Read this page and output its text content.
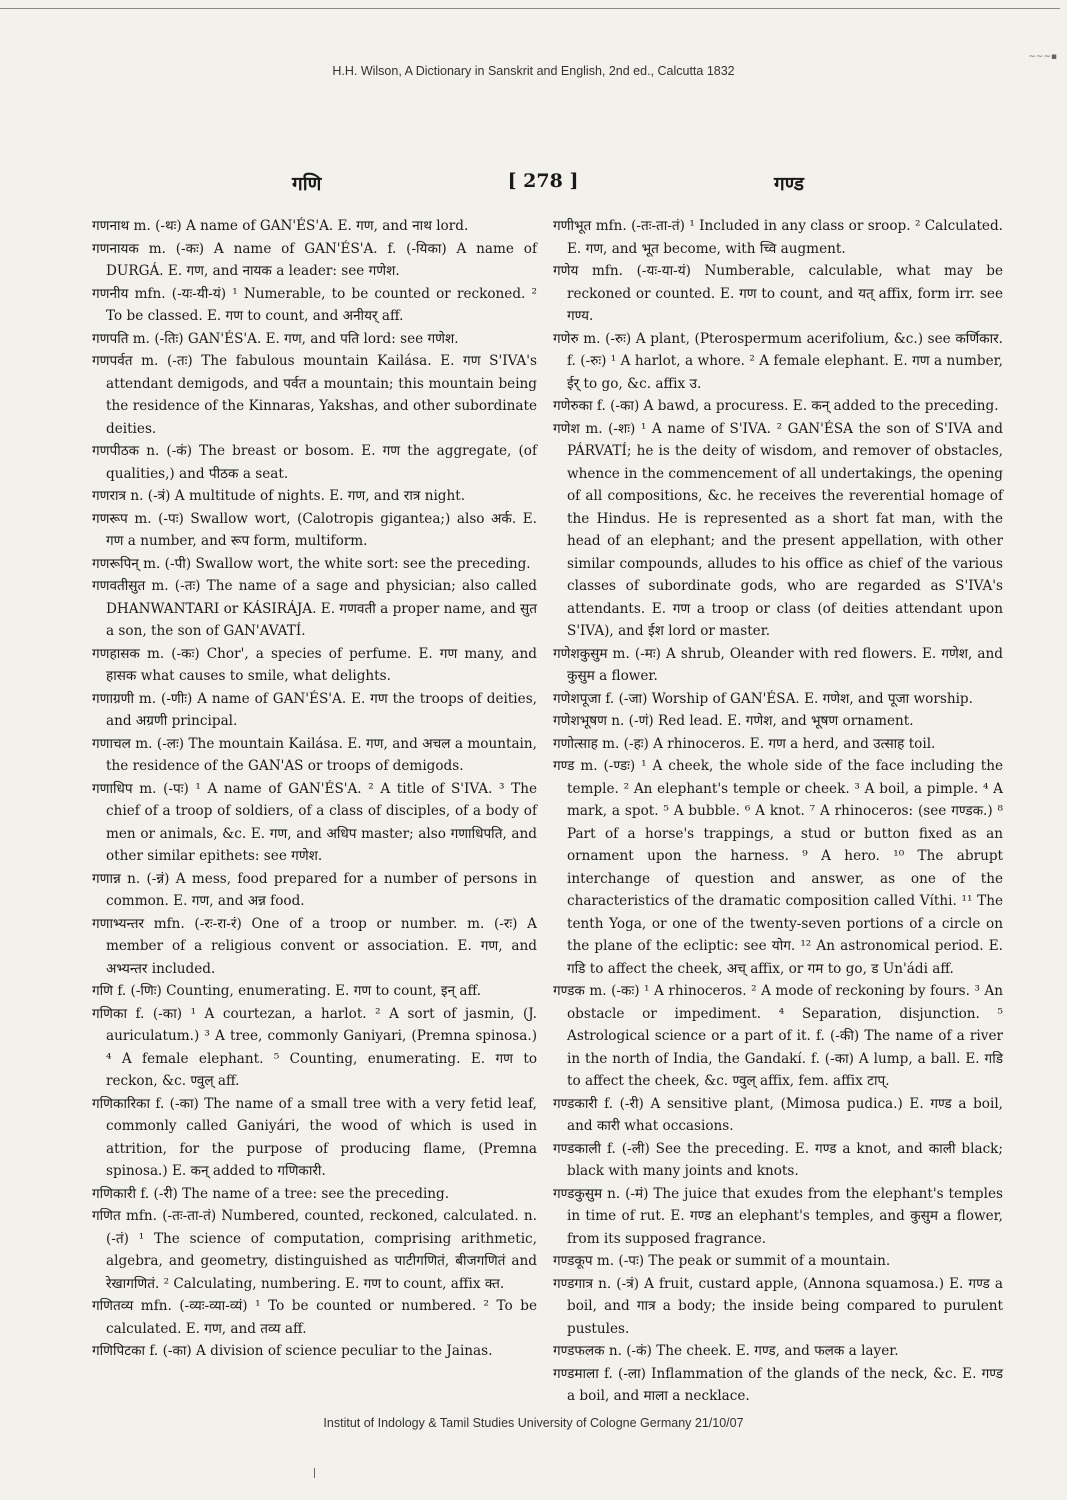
~~~▪
H.H. Wilson, A Dictionary in Sanskrit and English, 2nd ed., Calcutta 1832
गणि	[ 278 ]	गण्ड

गणनाथ m. (-थः) A name of GAN'ÉS'A. E. गण, and नाथ lord.

गणनायक m. (-कः) A name of GAN'ÉS'A. f. (-यिका) A name of DURGÁ. E. गण, and नायक a leader: see गणेश.

गणनीय mfn. (-यः-यी-यं) ¹ Numerable, to be counted or reckoned. ² To be classed. E. गण to count, and अनीयर् aff.

गणपति m. (-तिः) GAN'ÉS'A. E. गण, and पति lord: see गणेश.

गणपर्वत m. (-तः) The fabulous mountain Kailása. E. गण S'IVA's attendant demigods, and पर्वत a mountain; this mountain being the residence of the Kinnaras, Yakshas, and other subordinate deities.

गणपीठक n. (-कं) The breast or bosom. E. गण the aggregate, (of qualities,) and पीठक a seat.

गणरात्र n. (-त्रं) A multitude of nights. E. गण, and रात्र night.

गणरूप m. (-पः) Swallow wort, (Calotropis gigantea;) also अर्क. E. गण a number, and रूप form, multiform.

गणरूपिन् m. (-पी) Swallow wort, the white sort: see the preceding.

गणवतीसुत m. (-तः) The name of a sage and physician; also called DHANWANTARI or KÁSIRÁJA. E. गणवती a proper name, and सुत a son, the son of GAN'AVATÍ.

गणहासक m. (-कः) Chor', a species of perfume. E. गण many, and हासक what causes to smile, what delights.

गणाग्रणी m. (-णीः) A name of GAN'ÉS'A. E. गण the troops of deities, and अग्रणी principal.

गणाचल m. (-लः) The mountain Kailása. E. गण, and अचल a mountain, the residence of the GAN'AS or troops of demigods.

गणाधिप m. (-पः) ¹ A name of GAN'ÉS'A. ² A title of S'IVA. ³ The chief of a troop of soldiers, of a class of disciples, of a body of men or animals, &c. E. गण, and अधिप master; also गणाधिपति, and other similar epithets: see गणेश.

गणान्न n. (-न्नं) A mess, food prepared for a number of persons in common. E. गण, and अन्न food.

गणाभ्यन्तर mfn. (-रः-रा-रं) One of a troop or number. m. (-रः) A member of a religious convent or association. E. गण, and अभ्यन्तर included.

गणि f. (-णिः) Counting, enumerating. E. गण to count, इन् aff.

गणिका f. (-का) ¹ A courtezan, a harlot. ² A sort of jasmin, (J. auriculatum.) ³ A tree, commonly Ganiyari, (Premna spinosa.) ⁴ A female elephant. ⁵ Counting, enumerating. E. गण to reckon, &c. ण्वुल् aff.

गणिकारिका f. (-का) The name of a small tree with a very fetid leaf, commonly called Ganiyári, the wood of which is used in attrition, for the purpose of producing flame, (Premna spinosa.) E. कन् added to गणिकारी.

गणिकारी f. (-री) The name of a tree: see the preceding.

गणित mfn. (-तः-ता-तं) Numbered, counted, reckoned, calculated. n. (-तं) ¹ The science of computation, comprising arithmetic, algebra, and geometry, distinguished as पाटीगणितं, बीजगणितं and रेखागणितं. ² Calculating, numbering. E. गण to count, affix क्त.

गणितव्य mfn. (-व्यः-व्या-व्यं) ¹ To be counted or numbered. ² To be calculated. E. गण, and तव्य aff.

गणिपिटका f. (-का) A division of science peculiar to the Jainas.

गणीभूत mfn. (-तः-ता-तं) ¹ Included in any class or sroop. ² Calculated. E. गण, and भूत become, with च्वि augment.

गणेय mfn. (-यः-या-यं) Numberable, calculable, what may be reckoned or counted. E. गण to count, and यत् affix, form irr. see गण्य.

गणेरु m. (-रुः) A plant, (Pterospermum acerifolium, &c.) see कर्णिकार. f. (-रुः) ¹ A harlot, a whore. ² A female elephant. E. गण a number, ईर् to go, &c. affix उ.

गणेरुका f. (-का) A bawd, a procuress. E. कन् added to the preceding.

गणेश m. (-शः) ¹ A name of S'IVA. ² GAN'ÉSA the son of S'IVA and PÁRVATÍ; he is the deity of wisdom, and remover of obstacles, whence in the commencement of all undertakings, the opening of all compositions, &c. he receives the reverential homage of the Hindus. He is represented as a short fat man, with the head of an elephant; and the present appellation, with other similar compounds, alludes to his office as chief of the various classes of subordinate gods, who are regarded as S'IVA's attendants. E. गण a troop or class (of deities attendant upon S'IVA), and ईश lord or master.

गणेशकुसुम m. (-मः) A shrub, Oleander with red flowers. E. गणेश, and कुसुम a flower.

गणेशपूजा f. (-जा) Worship of GAN'ÉSA. E. गणेश, and पूजा worship.

गणेशभूषण n. (-णं) Red lead. E. गणेश, and भूषण ornament.

गणोत्साह m. (-हः) A rhinoceros. E. गण a herd, and उत्साह toil.

गण्ड m. (-ण्डः) ¹ A cheek, the whole side of the face including the temple. ² An elephant's temple or cheek. ³ A boil, a pimple. ⁴ A mark, a spot. ⁵ A bubble. ⁶ A knot. ⁷ A rhinoceros: (see गण्डक.) ⁸ Part of a horse's trappings, a stud or button fixed as an ornament upon the harness. ⁹ A hero. ¹⁰ The abrupt interchange of question and answer, as one of the characteristics of the dramatic composition called Víthi. ¹¹ The tenth Yoga, or one of the twenty-seven portions of a circle on the plane of the ecliptic: see योग. ¹² An astronomical period. E. गडि to affect the cheek, अच् affix, or गम to go, ड Un'ádi aff.

गण्डक m. (-कः) ¹ A rhinoceros. ² A mode of reckoning by fours. ³ An obstacle or impediment. ⁴ Separation, disjunction. ⁵ Astrological science or a part of it. f. (-की) The name of a river in the north of India, the Gandakí. f. (-का) A lump, a ball. E. गडि to affect the cheek, &c. ण्वुल् affix, fem. affix टाप्.

गण्डकारी f. (-री) A sensitive plant, (Mimosa pudica.) E. गण्ड a boil, and कारी what occasions.

गण्डकाली f. (-ली) See the preceding. E. गण्ड a knot, and काली black; black with many joints and knots.

गण्डकुसुम n. (-मं) The juice that exudes from the elephant's temples in time of rut. E. गण्ड an elephant's temples, and कुसुम a flower, from its supposed fragrance.

गण्डकूप m. (-पः) The peak or summit of a mountain.

गण्डगात्र n. (-त्रं) A fruit, custard apple, (Annona squamosa.) E. गण्ड a boil, and गात्र a body; the inside being compared to purulent pustules.

गण्डफलक n. (-कं) The cheek. E. गण्ड, and फलक a layer.

गण्डमाला f. (-ला) Inflammation of the glands of the neck, &c. E. गण्ड a boil, and माला a necklace.

Institut of Indology & Tamil Studies University of Cologne Germany 21/10/07
